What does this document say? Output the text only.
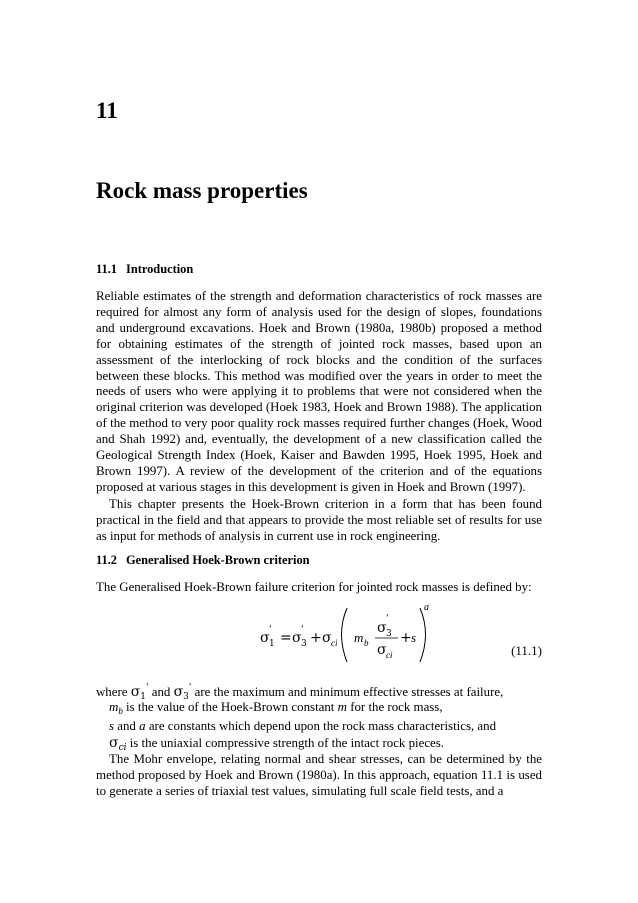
11
Rock mass properties
11.1 Introduction

Reliable estimates of the strength and deformation characteristics of rock masses are required for almost any form of analysis used for the design of slopes, foundations and underground excavations. Hoek and Brown (1980a, 1980b) proposed a method for obtaining estimates of the strength of jointed rock masses, based upon an assessment of the interlocking of rock blocks and the condition of the surfaces between these blocks. This method was modified over the years in order to meet the needs of users who were applying it to problems that were not considered when the original criterion was developed (Hoek 1983, Hoek and Brown 1988). The application of the method to very poor quality rock masses required further changes (Hoek, Wood and Shah 1992) and, eventually, the development of a new classification called the Geological Strength Index (Hoek, Kaiser and Bawden 1995, Hoek 1995, Hoek and Brown 1997). A review of the development of the criterion and of the equations proposed at various stages in this development is given in Hoek and Brown (1997).

This chapter presents the Hoek-Brown criterion in a form that has been found practical in the field and that appears to provide the most reliable set of results for use as input for methods of analysis in current use in rock engineering.

11.2 Generalised Hoek-Brown criterion

The Generalised Hoek-Brown failure criterion for jointed rock masses is defined by:

σ 1
' = σ 3
' + σ ci m b
σ 3
'
σ ci
+ s
a
(11.1)
where $\sigma_1'$ and $\sigma_3'$ are the maximum and minimum effective stresses at failure,
$m_b$ is the value of the Hoek-Brown constant m for the rock mass,
s and a are constants which depend upon the rock mass characteristics, and
$\sigma_{ci}$ is the uniaxial compressive strength of the intact rock pieces.

The Mohr envelope, relating normal and shear stresses, can be determined by the method proposed by Hoek and Brown (1980a). In this approach, equation 11.1 is used to generate a series of triaxial test values, simulating full scale field tests, and a
